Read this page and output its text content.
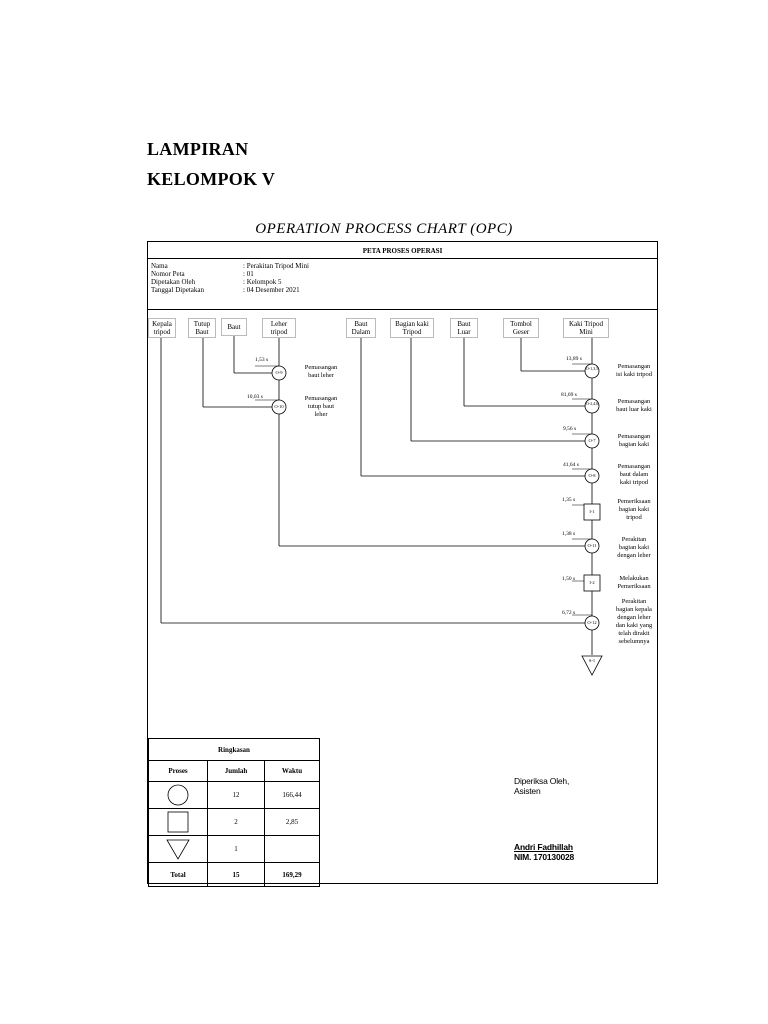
LAMPIRAN
KELOMPOK V
OPERATION PROCESS CHART (OPC)
PETA PROSES OPERASI
Nama	: Perakitan Tripod Mini
Nomor Peta	: 01
Dipetakan Oleh	: Kelompok 5
Tanggal Dipetakan	: 04 Desember 2021
Kepala
tripod
Tutup
Baut
Baut	Leher
tripod
Baut
Dalam
Bagian kaki
Tripod
Baut
Luar
Tombol
Geser
Kaki Tripod
Mini
O-9
O-10
1,53 s
10,03 s
Pemasangan
baut leher
Pemasangan
tutup baut
leher
O-1,3,5
O-2,4,6
O-7
O-8
I-1
O-11
I-2
O-12
S-1
13,89 s
81,69 s
9,56 s
41,64 s
1,35 s
1,38 s
1,50 s
6,72 s
Pemasangan
isi kaki tripod
Pemasangan
baut luar kaki
Pemasangan
bagian kaki
Pemasangan
baut dalam
kaki tripod
Pemeriksaan
bagian kaki
tripod
Perakitan
bagian kaki
dengan leher
Melakukan
Pemeriksaan
Perakitan
bagian kepala
dengan leher
dan kaki yang
telah dirakit
sebelumnya
Ringkasan		
Proses	Jumlah	Waktu
	12	166,44
	2	2,85
	1	
Total	15	169,29
Diperiksa Oleh,
Asisten
Andri Fadhillah
NIM. 170130028
